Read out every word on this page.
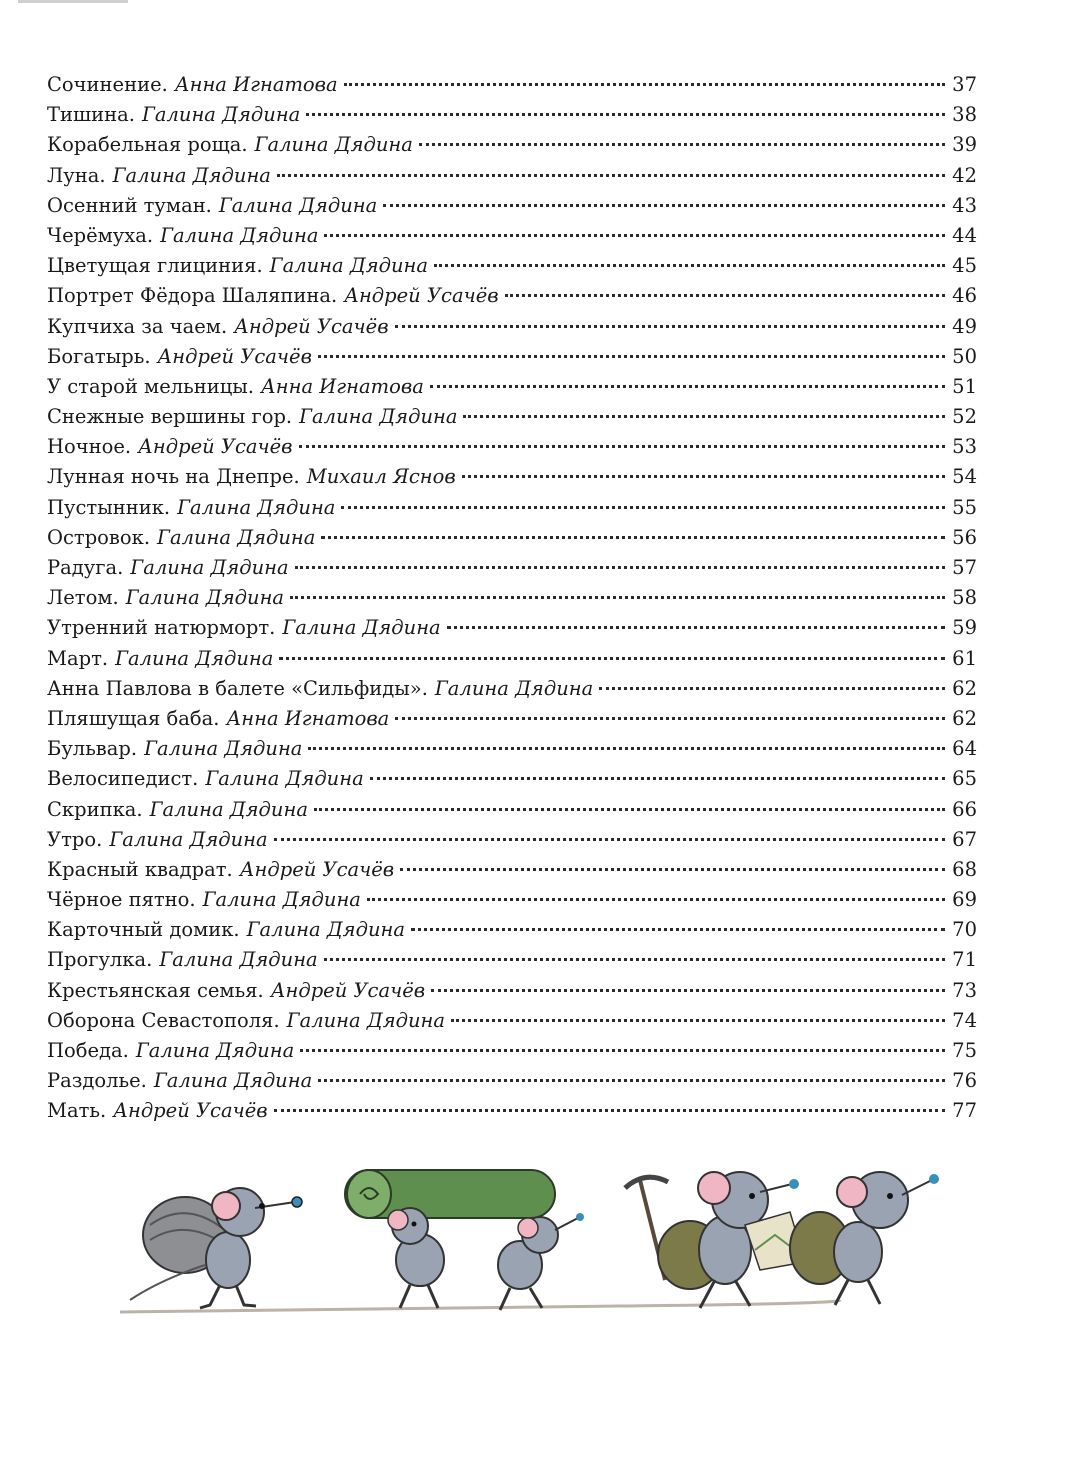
Сочинение. Анна Игнатова	37
Тишина. Галина Дядина	38
Корабельная роща. Галина Дядина	39
Луна. Галина Дядина	42
Осенний туман. Галина Дядина	43
Черёмуха. Галина Дядина	44
Цветущая глициния. Галина Дядина	45
Портрет Фёдора Шаляпина. Андрей Усачёв	46
Купчиха за чаем. Андрей Усачёв	49
Богатырь. Андрей Усачёв	50
У старой мельницы. Анна Игнатова	51
Снежные вершины гор. Галина Дядина	52
Ночное. Андрей Усачёв	53
Лунная ночь на Днепре. Михаил Яснов	54
Пустынник. Галина Дядина	55
Островок. Галина Дядина	56
Радуга. Галина Дядина	57
Летом. Галина Дядина	58
Утренний натюрморт. Галина Дядина	59
Март. Галина Дядина	61
Анна Павлова в балете «Сильфиды». Галина Дядина	62
Пляшущая баба. Анна Игнатова	62
Бульвар. Галина Дядина	64
Велосипедист. Галина Дядина	65
Скрипка. Галина Дядина	66
Утро. Галина Дядина	67
Красный квадрат. Андрей Усачёв	68
Чёрное пятно. Галина Дядина	69
Карточный домик. Галина Дядина	70
Прогулка. Галина Дядина	71
Крестьянская семья. Андрей Усачёв	73
Оборона Севастополя. Галина Дядина	74
Победа. Галина Дядина	75
Раздолье. Галина Дядина	76
Мать. Андрей Усачёв	77
